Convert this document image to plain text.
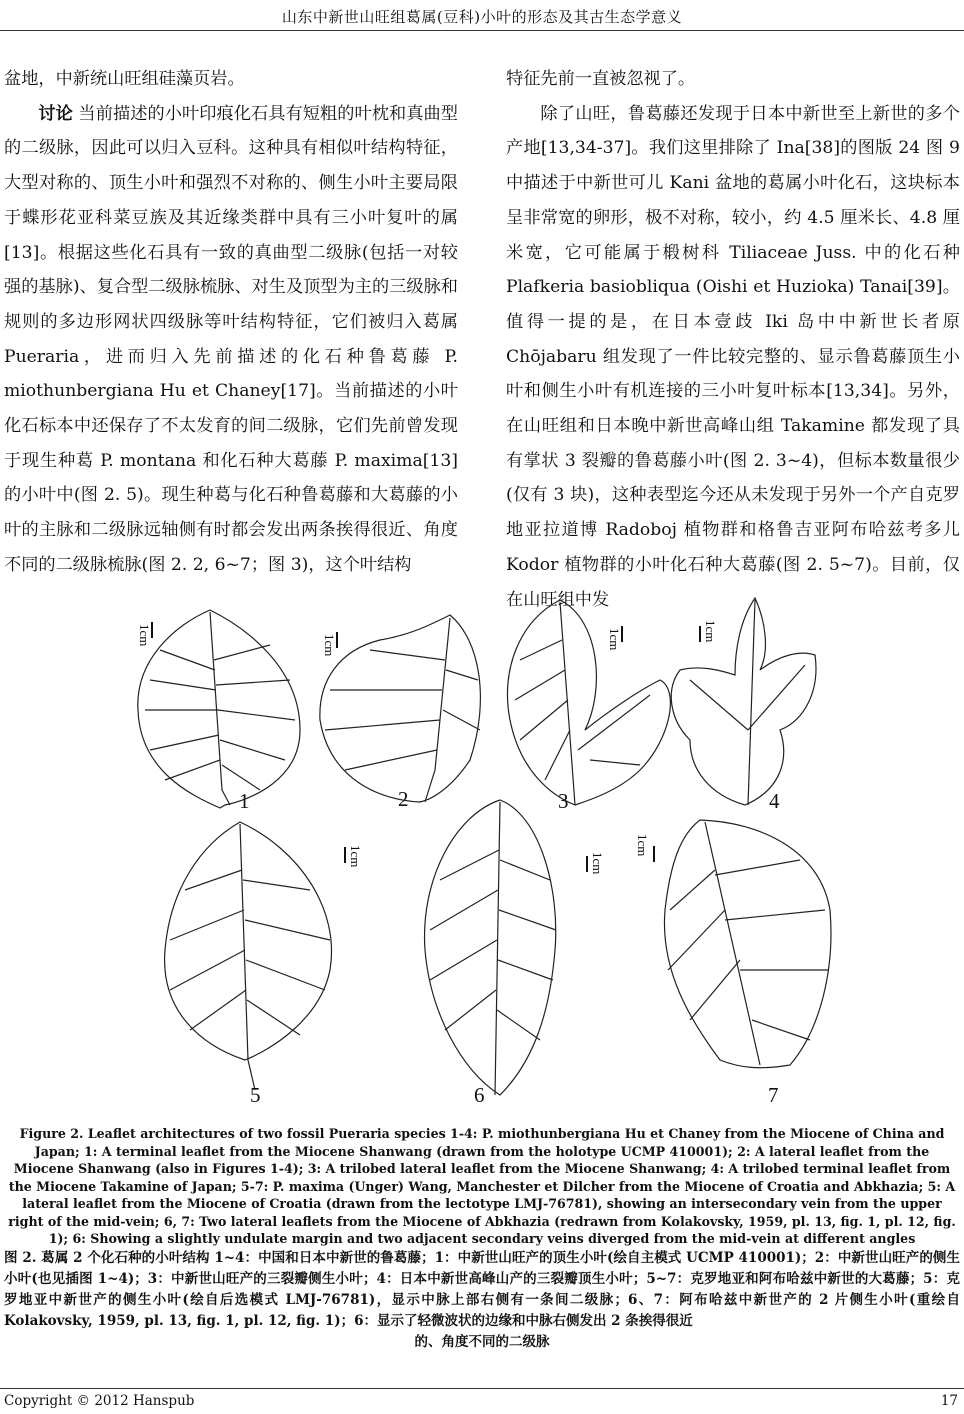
山东中新世山旺组葛属(豆科)小叶的形态及其古生态学意义

盆地，中新统山旺组硅藻页岩。

讨论 当前描述的小叶印痕化石具有短粗的叶枕和真曲型的二级脉，因此可以归入豆科。这种具有相似叶结构特征，大型对称的、顶生小叶和强烈不对称的、侧生小叶主要局限于蝶形花亚科菜豆族及其近缘类群中具有三小叶复叶的属[13]。根据这些化石具有一致的真曲型二级脉(包括一对较强的基脉)、复合型二级脉梳脉、对生及顶型为主的三级脉和规则的多边形网状四级脉等叶结构特征，它们被归入葛属 Pueraria，进而归入先前描述的化石种鲁葛藤 P. miothunbergiana Hu et Chaney[17]。当前描述的小叶化石标本中还保存了不太发育的间二级脉，它们先前曾发现于现生种葛 P. montana 和化石种大葛藤 P. maxima[13]的小叶中(图 2. 5)。现生种葛与化石种鲁葛藤和大葛藤的小叶的主脉和二级脉远轴侧有时都会发出两条挨得很近、角度不同的二级脉梳脉(图 2. 2, 6~7；图 3)，这个叶结构

特征先前一直被忽视了。

除了山旺，鲁葛藤还发现于日本中新世至上新世的多个产地[13,34-37]。我们这里排除了 Ina[38]的图版 24 图 9 中描述于中新世可儿 Kani 盆地的葛属小叶化石，这块标本呈非常宽的卵形，极不对称，较小，约 4.5 厘米长、4.8 厘米宽，它可能属于椴树科 Tiliaceae Juss. 中的化石种 Plafkeria basiobliqua (Oishi et Huzioka) Tanai[39]。值得一提的是，在日本壹歧 Iki 岛中中新世长者原 Chōjabaru 组发现了一件比较完整的、显示鲁葛藤顶生小叶和侧生小叶有机连接的三小叶复叶标本[13,34]。另外，在山旺组和日本晚中新世高峰山组 Takamine 都发现了具有掌状 3 裂瓣的鲁葛藤小叶(图 2. 3~4)，但标本数量很少(仅有 3 块)，这种表型迄今还从未发现于另外一个产自克罗地亚拉道博 Radoboj 植物群和格鲁吉亚阿布哈兹考多儿 Kodor 植物群的小叶化石种大葛藤(图 2. 5~7)。目前，仅在山旺组中发

1cm	1cm	1cm	1cm
1cm	1cm
1cm
1	2	3	4
5	6	7
Figure 2. Leaflet architectures of two fossil Pueraria species 1-4: P. miothunbergiana Hu et Chaney from the Miocene of China and Japan; 1: A terminal leaflet from the Miocene Shanwang (drawn from the holotype UCMP 410001); 2: A lateral leaflet from the Miocene Shanwang (also in Figures 1-4); 3: A trilobed lateral leaflet from the Miocene Shanwang; 4: A trilobed terminal leaflet from the Miocene Takamine of Japan; 5-7: P. maxima (Unger) Wang, Manchester et Dilcher from the Miocene of Croatia and Abkhazia; 5: A lateral leaflet from the Miocene of Croatia (drawn from the lectotype LMJ-76781), showing an intersecondary vein from the upper right of the mid-vein; 6, 7: Two lateral leaflets from the Miocene of Abkhazia (redrawn from Kolakovsky, 1959, pl. 13, fig. 1, pl. 12, fig. 1); 6: Showing a slightly undulate margin and two adjacent secondary veins diverged from the mid-vein at different angles
图 2. 葛属 2 个化石种的小叶结构 1~4：中国和日本中新世的鲁葛藤；1：中新世山旺产的顶生小叶(绘自主模式 UCMP 410001)；2：中新世山旺产的侧生小叶(也见插图 1~4)；3：中新世山旺产的三裂瓣侧生小叶；4：日本中新世高峰山产的三裂瓣顶生小叶；5~7：克罗地亚和阿布哈兹中新世的大葛藤；5：克罗地亚中新世产的侧生小叶(绘自后选模式 LMJ-76781)，显示中脉上部右侧有一条间二级脉；6、7：阿布哈兹中新世产的 2 片侧生小叶(重绘自 Kolakovsky, 1959, pl. 13, fig. 1, pl. 12, fig. 1)；6：显示了轻微波状的边缘和中脉右侧发出 2 条挨得很近
的、角度不同的二级脉
Copyright © 2012 Hanspub	17
